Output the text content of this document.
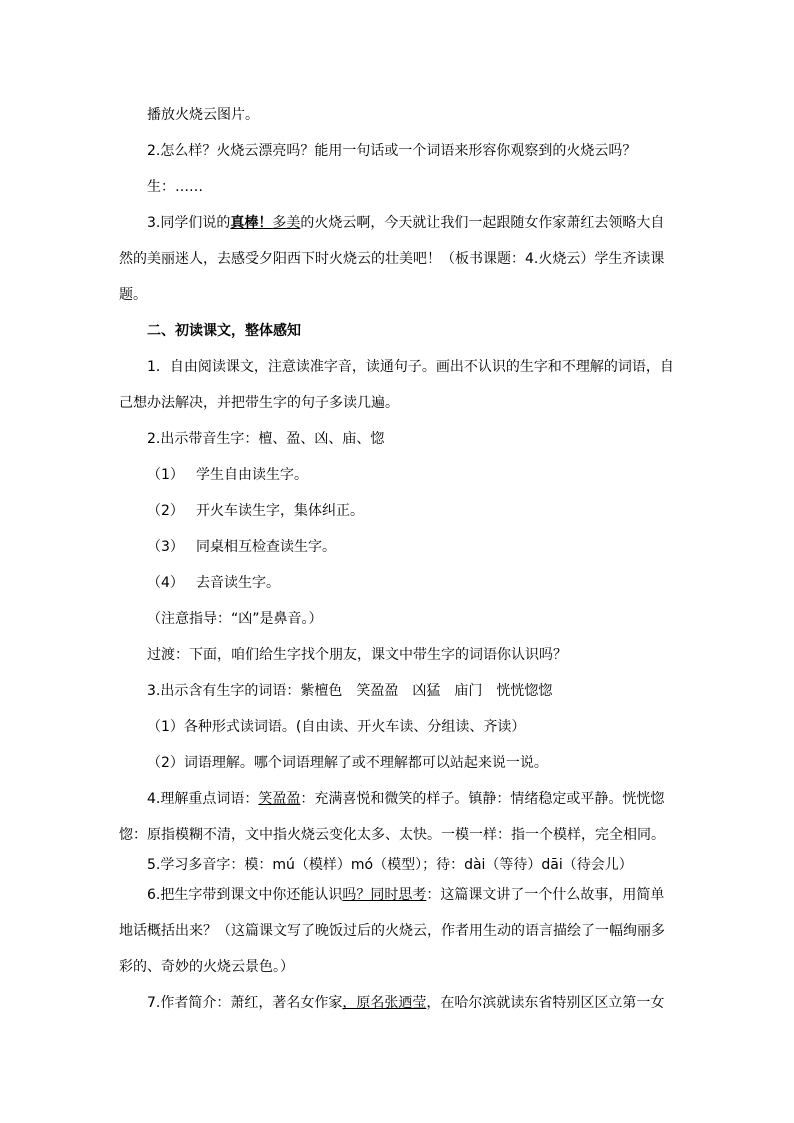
播放火烧云图片。
2.怎么样？火烧云漂亮吗？能用一句话或一个词语来形容你观察到的火烧云吗？
生：……
3.同学们说的真棒！多美的火烧云啊，今天就让我们一起跟随女作家萧红去领略大自
然的美丽迷人，去感受夕阳西下时火烧云的壮美吧！（板书课题：4.火烧云）学生齐读课
题。
二、初读课文，整体感知
1．自由阅读课文，注意读准字音，读通句子。画出不认识的生字和不理解的词语，自
己想办法解决，并把带生字的句子多读几遍。
2.出示带音生字：檀、盈、凶、庙、惚
（1） 学生自由读生字。
（2） 开火车读生字，集体纠正。
（3） 同桌相互检查读生字。
（4） 去音读生字。
（注意指导：“凶”是鼻音。）
过渡：下面，咱们给生字找个朋友，课文中带生字的词语你认识吗？
3.出示含有生字的词语：紫檀色　笑盈盈　凶猛　庙门　恍恍惚惚
（1）各种形式读词语。(自由读、开火车读、分组读、齐读）
（2）词语理解。哪个词语理解了或不理解都可以站起来说一说。
4.理解重点词语：笑盈盈：充满喜悦和微笑的样子。镇静：情绪稳定或平静。恍恍惚
惚：原指模糊不清，文中指火烧云变化太多、太快。一模一样：指一个模样，完全相同。
5.学习多音字：模：mú（模样）mó（模型）；待：dài（等待）dāi（待会儿）
6.把生字带到课文中你还能认识吗？同时思考：这篇课文讲了一个什么故事，用简单
地话概括出来？（这篇课文写了晚饭过后的火烧云，作者用生动的语言描绘了一幅绚丽多
彩的、奇妙的火烧云景色。）
7.作者简介：萧红，著名女作家，原名张迺莹，在哈尔滨就读东省特别区区立第一女
